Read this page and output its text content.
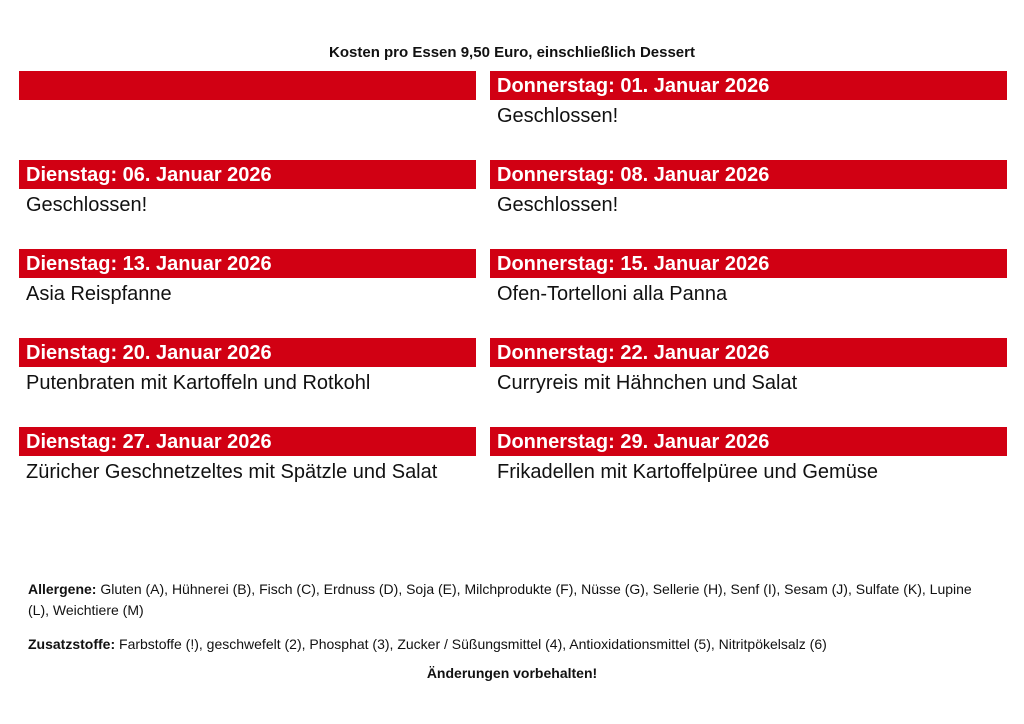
Kosten pro Essen 9,50 Euro, einschließlich Dessert
Dienstag: 06. Januar 2026
Geschlossen!
Dienstag: 13. Januar 2026
Asia Reispfanne
Dienstag: 20. Januar 2026
Putenbraten mit Kartoffeln und Rotkohl
Dienstag: 27. Januar 2026
Züricher Geschnetzeltes mit Spätzle und Salat
Donnerstag: 01. Januar 2026
Geschlossen!
Donnerstag: 08. Januar 2026
Geschlossen!
Donnerstag: 15. Januar 2026
Ofen-Tortelloni alla Panna
Donnerstag: 22. Januar 2026
Curryreis mit Hähnchen und Salat
Donnerstag: 29. Januar 2026
Frikadellen mit Kartoffelpüree und Gemüse
Allergene: Gluten (A), Hühnerei (B), Fisch (C), Erdnuss (D), Soja (E), Milchprodukte (F), Nüsse (G), Sellerie (H), Senf (I), Sesam (J), Sulfate (K), Lupine (L), Weichtiere (M)
Zusatzstoffe: Farbstoffe (!), geschwefelt (2), Phosphat (3), Zucker / Süßungsmittel (4), Antioxidationsmittel (5), Nitritpökelsalz (6)
Änderungen vorbehalten!
